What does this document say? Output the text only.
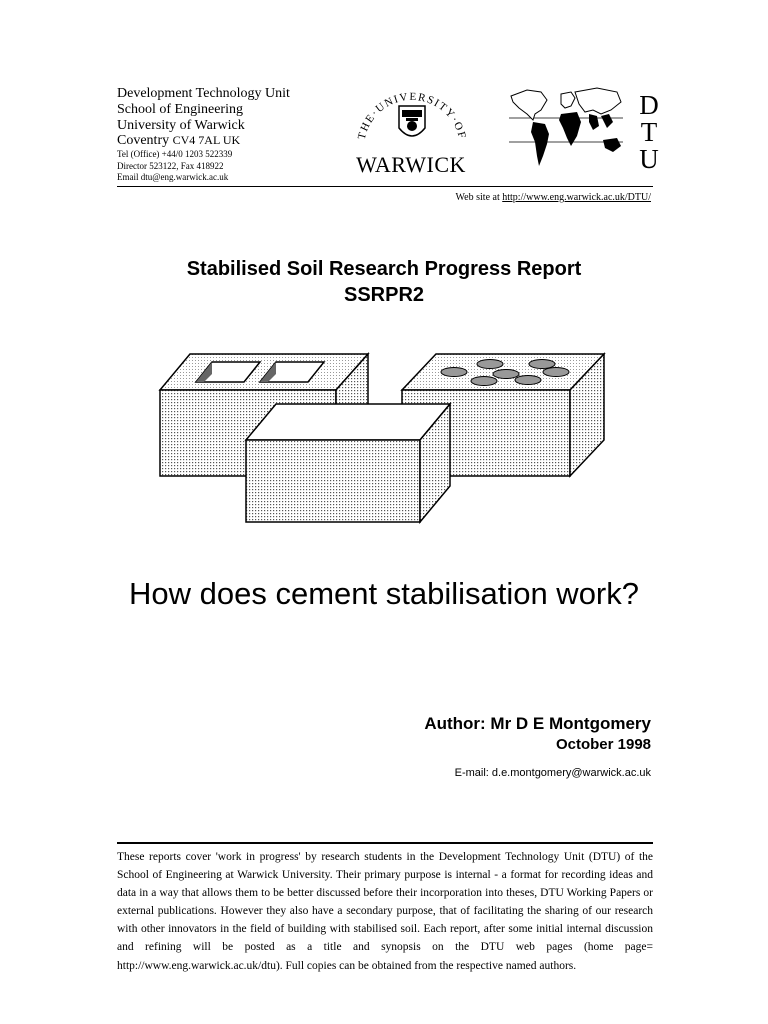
Development Technology Unit
School of Engineering
University of Warwick
Coventry CV4 7AL UK
Tel (Office) +44/0 1203 522339
Director 523122, Fax 418922
Email dtu@eng.warwick.ac.uk
THE·UNIVERSITY·OF
WARWICK
D
T
U
Web site at http://www.eng.warwick.ac.uk/DTU/
Stabilised Soil Research Progress Report
SSRPR2
How does cement stabilisation work?
Author: Mr D E Montgomery
October 1998
E-mail: d.e.montgomery@warwick.ac.uk
These reports cover 'work in progress' by research students in the Development Technology Unit (DTU) of the School of Engineering at Warwick University. Their primary purpose is internal - a format for recording ideas and data in a way that allows them to be better discussed before their incorporation into theses, DTU Working Papers or external publications. However they also have a secondary purpose, that of facilitating the sharing of our research with other innovators in the field of building with stabilised soil. Each report, after some initial internal discussion and refining will be posted as a title and synopsis on the DTU web pages (home page= http://www.eng.warwick.ac.uk/dtu). Full copies can be obtained from the respective named authors.
